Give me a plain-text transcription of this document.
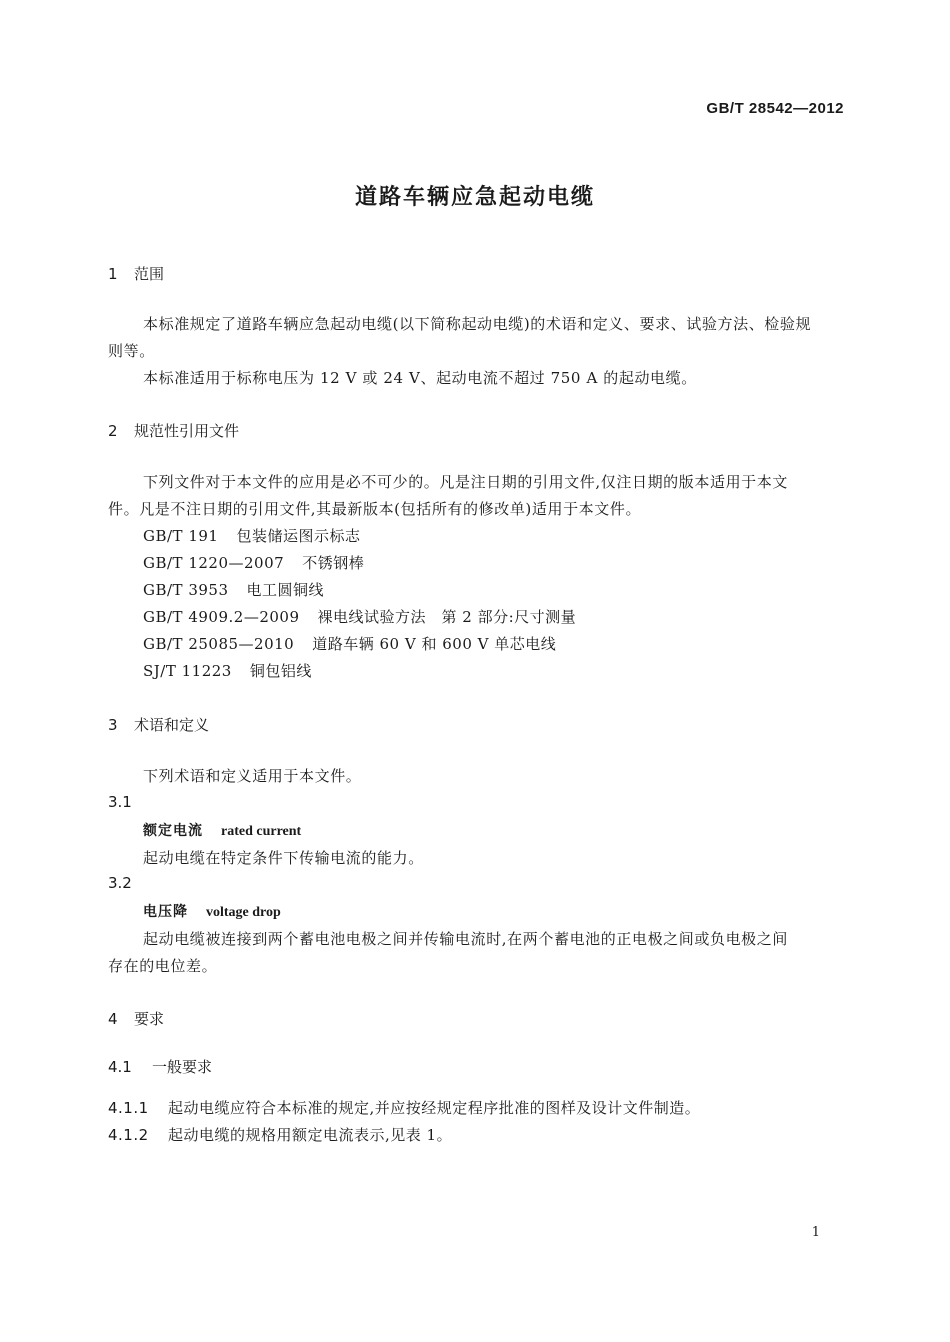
GB/T 28542—2012
道路车辆应急起动电缆
1 范围
本标准规定了道路车辆应急起动电缆(以下简称起动电缆)的术语和定义、要求、试验方法、检验规
则等。
本标准适用于标称电压为 12 V 或 24 V、起动电流不超过 750 A 的起动电缆。
2 规范性引用文件
下列文件对于本文件的应用是必不可少的。凡是注日期的引用文件,仅注日期的版本适用于本文
件。凡是不注日期的引用文件,其最新版本(包括所有的修改单)适用于本文件。
GB/T 191 包装储运图示标志
GB/T 1220—2007 不锈钢棒
GB/T 3953 电工圆铜线
GB/T 4909.2—2009 裸电线试验方法　第 2 部分:尺寸测量
GB/T 25085—2010 道路车辆 60 V 和 600 V 单芯电线
SJ/T 11223 铜包铝线
3 术语和定义
下列术语和定义适用于本文件。
3.1
额定电流 rated current
起动电缆在特定条件下传输电流的能力。
3.2
电压降 voltage drop
起动电缆被连接到两个蓄电池电极之间并传输电流时,在两个蓄电池的正电极之间或负电极之间
存在的电位差。
4 要求
4.1 一般要求
4.1.1 起动电缆应符合本标准的规定,并应按经规定程序批准的图样及设计文件制造。
4.1.2 起动电缆的规格用额定电流表示,见表 1。
1
